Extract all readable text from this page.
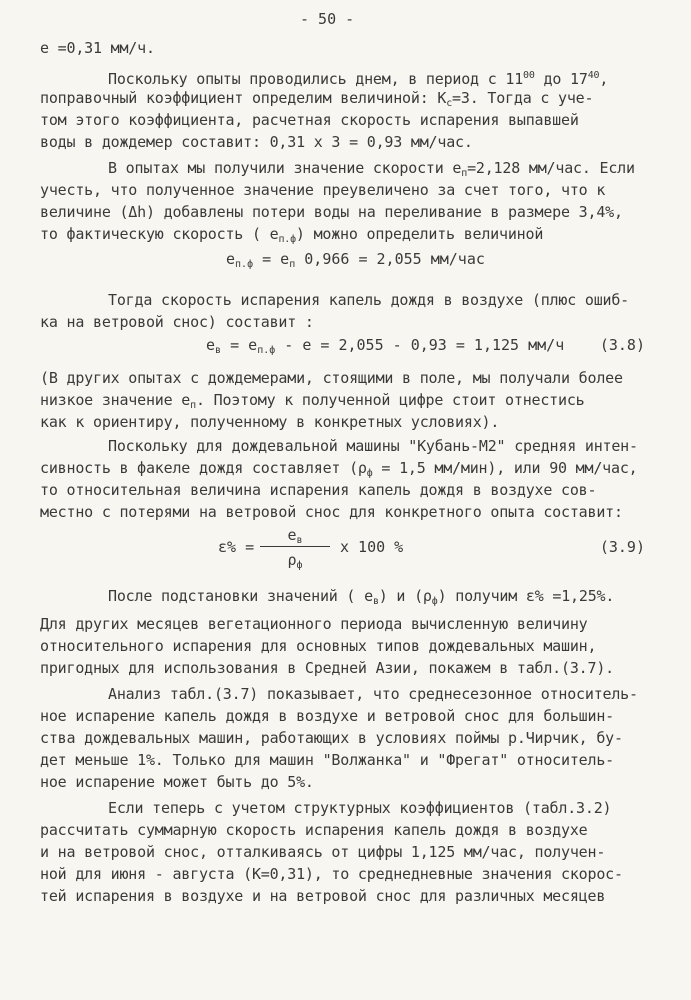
- 50 -
е =0,31 мм/ч.
Поскольку опыты проводились днем, в период с $11^{00}$ до $17^{40}$,
поправочный коэффициент определим величиной: $К_с=3$. Тогда с уче-
том этого коэффициента, расчетная скорость испарения выпавшей
воды в дождемер составит: 0,31 х 3 = 0,93 мм/час.
В опытах мы получили значение скорости $е_п=2,128$ мм/час. Если
учесть, что полученное значение преувеличено за счет того, что к
величине (Δh) добавлены потери воды на переливание в размере 3,4%,
то фактическую скорость ( $е_{п.ф}$) можно определить величиной
$е_{п.ф} = е_п$ 0,966 = 2,055 мм/час
Тогда скорость испарения капель дождя в воздухе (плюс ошиб-
ка на ветровой снос) составит :
$е_в = е_{п.ф} - е = 2,055 - 0,93 = 1,125$ мм/ч (3.8)
(В других опытах с дождемерами, стоящими в поле, мы получали более
низкое значение $е_п$. Поэтому к полученной цифре стоит отнестись
как к ориентиру, полученному в конкретных условиях).
Поскольку для дождевальной машины "Кубань-М2" средняя интен-
сивность в факеле дождя составляет ($\rho_ф = 1,5$ мм/мин), или 90 мм/час,
то относительная величина испарения капель дождя в воздухе сов-
местно с потерями на ветровой снос для конкретного опыта составит:
ε% =
$е_в$
$\rho_ф$
х 100 %	(3.9)
После подстановки значений ( $е_в$) и $(\rho_ф)$ получим ε% =1,25%.
Для других месяцев вегетационного периода вычисленную величину
относительного испарения для основных типов дождевальных машин,
пригодных для использования в Средней Азии, покажем в табл.(3.7).
Анализ табл.(3.7) показывает, что среднесезонное относитель-
ное испарение капель дождя в воздухе и ветровой снос для большин-
ства дождевальных машин, работающих в условиях поймы р.Чирчик, бу-
дет меньше 1%. Только для машин "Волжанка" и "Фрегат" относитель-
ное испарение может быть до 5%.
Если теперь с учетом структурных коэффициентов (табл.3.2)
рассчитать суммарную скорость испарения капель дождя в воздухе
и на ветровой снос, отталкиваясь от цифры 1,125 мм/час, получен-
ной для июня - августа (К=0,31), то среднедневные значения скорос-
тей испарения в воздухе и на ветровой снос для различных месяцев
